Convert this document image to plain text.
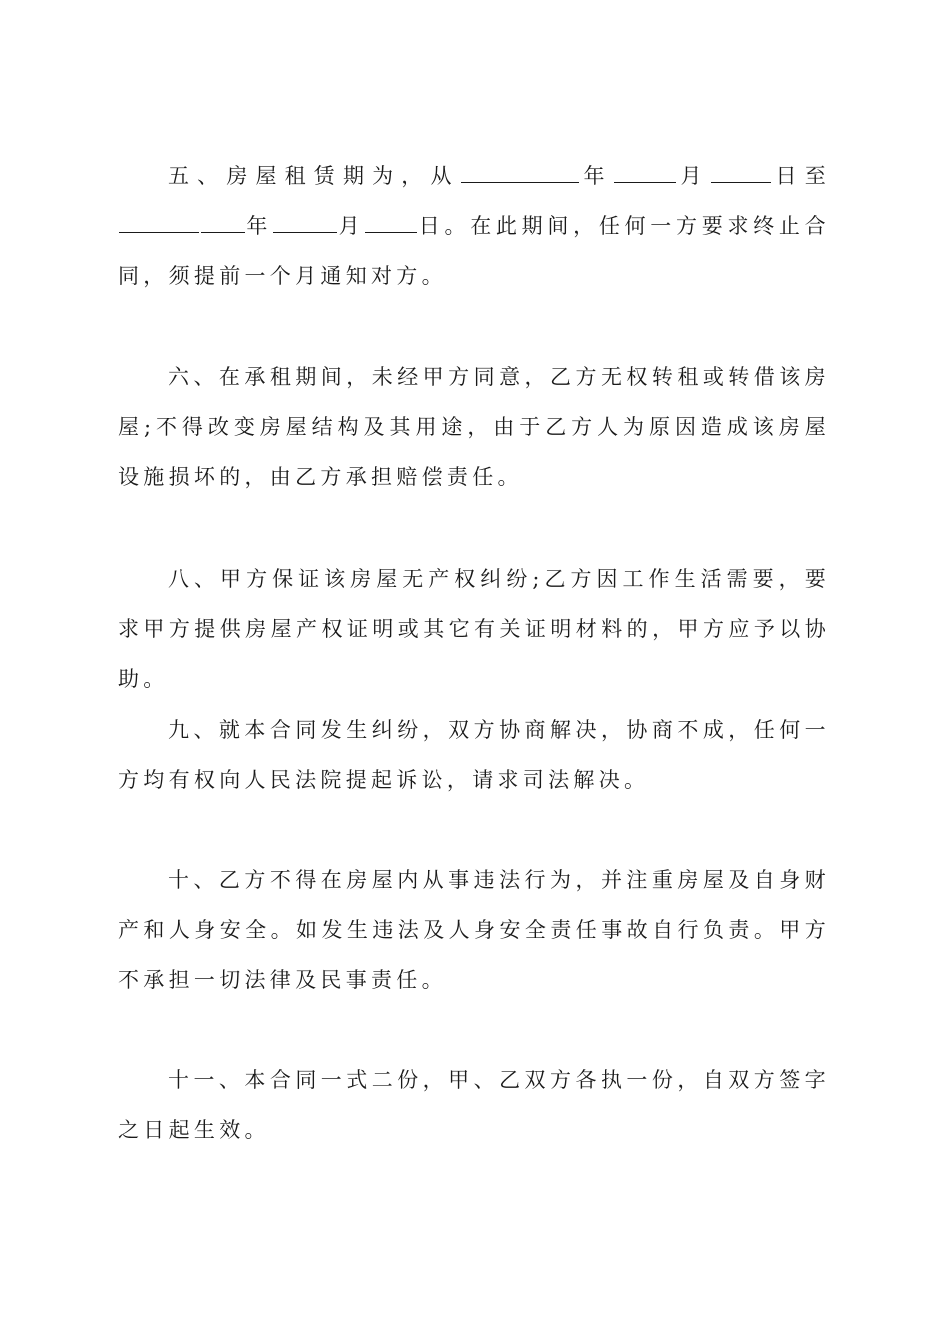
五、房屋租赁期为，从	年	月	日至年	月	日。在此期间，任何一方要求终止合同，须提前一个月通知对方。

六、在承租期间，未经甲方同意，乙方无权转租或转借该房屋;不得改变房屋结构及其用途，由于乙方人为原因造成该房屋设施损坏的，由乙方承担赔偿责任。

八、甲方保证该房屋无产权纠纷;乙方因工作生活需要，要求甲方提供房屋产权证明或其它有关证明材料的，甲方应予以协助。

九、就本合同发生纠纷，双方协商解决，协商不成，任何一方均有权向人民法院提起诉讼，请求司法解决。

十、乙方不得在房屋内从事违法行为，并注重房屋及自身财产和人身安全。如发生违法及人身安全责任事故自行负责。甲方不承担一切法律及民事责任。

十一、本合同一式二份，甲、乙双方各执一份，自双方签字之日起生效。
